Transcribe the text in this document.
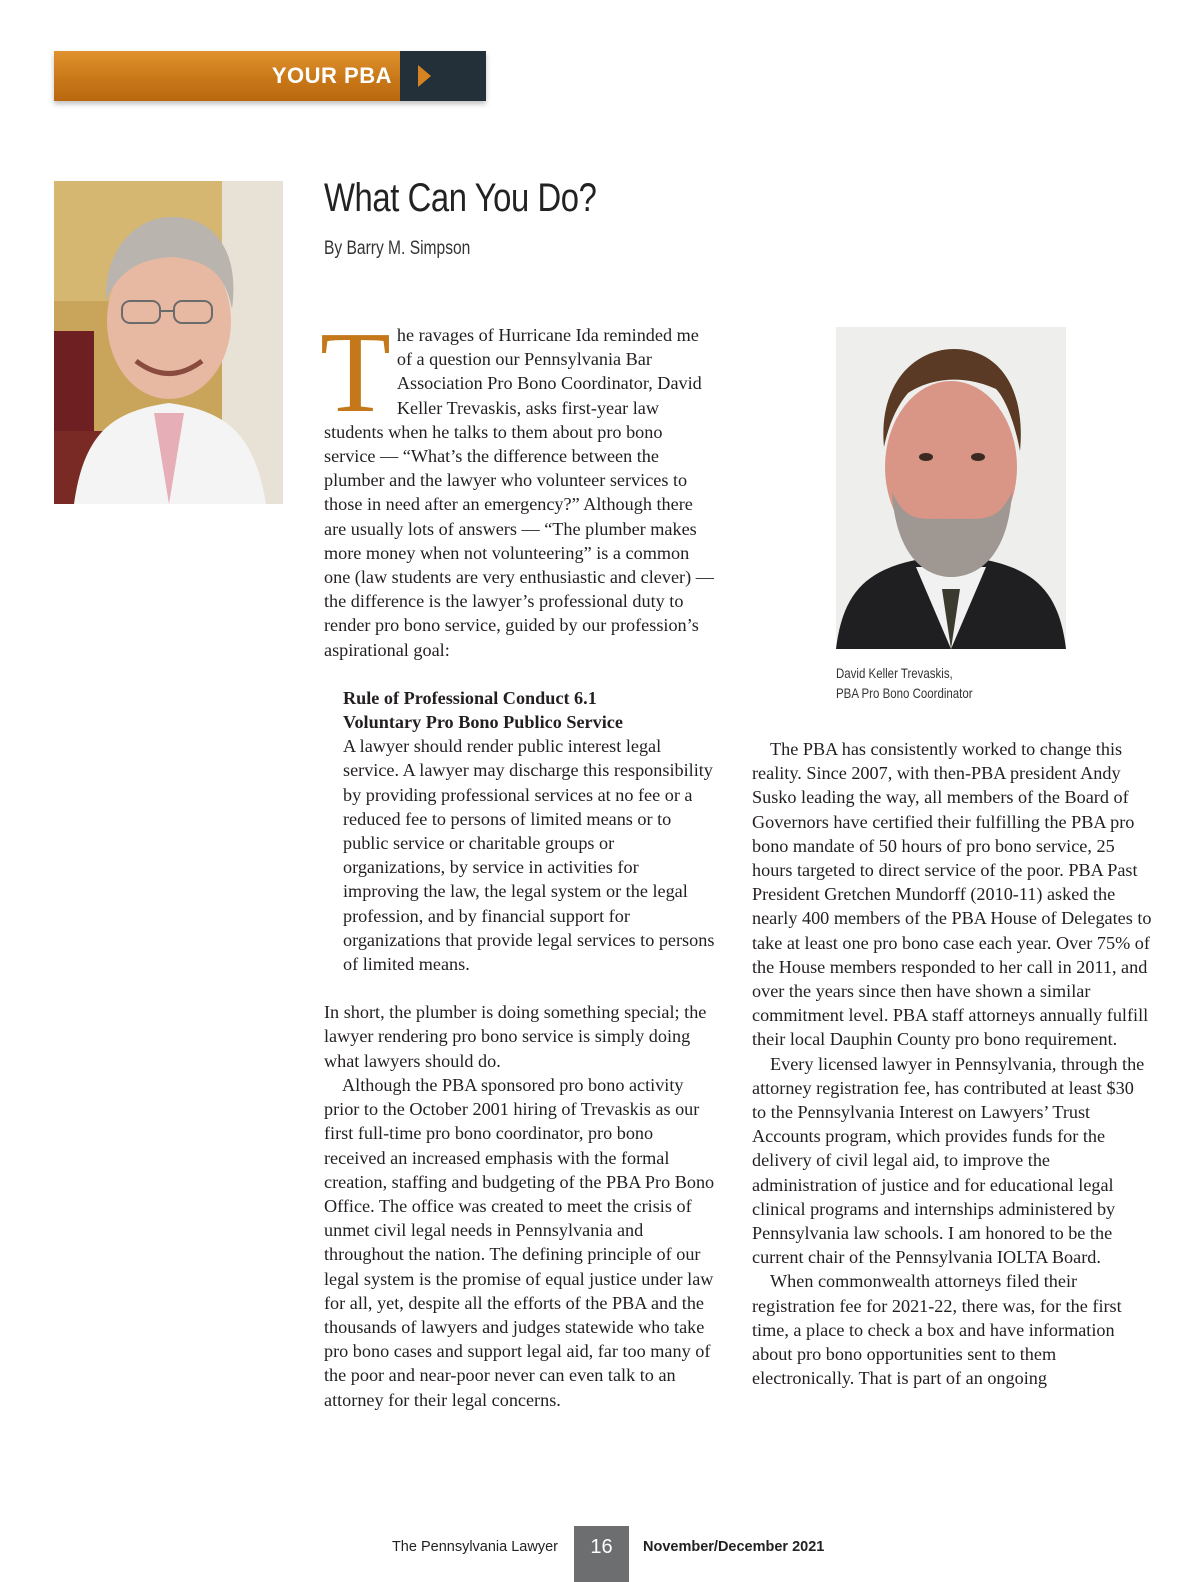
YOUR PBA
What Can You Do?

By Barry M. Simpson

The ravages of Hurricane Ida reminded me of a question our Pennsylvania Bar Association Pro Bono Coordinator, David Keller Trevaskis, asks first-year law students when he talks to them about pro bono service — “What’s the difference between the plumber and the lawyer who volunteer services to those in need after an emergency?” Although there are usually lots of answers — “The plumber makes more money when not volunteering” is a common one (law students are very enthusiastic and clever) — the difference is the lawyer’s professional duty to render pro bono service, guided by our profession’s aspirational goal:

Rule of Professional Conduct 6.1
Voluntary Pro Bono Publico Service
A lawyer should render public interest legal service. A lawyer may discharge this responsibility by providing professional services at no fee or a reduced fee to persons of limited means or to public service or charitable groups or organizations, by service in activities for improving the law, the legal system or the legal profession, and by financial support for organizations that provide legal services to persons of limited means.

In short, the plumber is doing something special; the lawyer rendering pro bono service is simply doing what lawyers should do.

Although the PBA sponsored pro bono activity prior to the October 2001 hiring of Trevaskis as our first full-time pro bono coordinator, pro bono received an increased emphasis with the formal creation, staffing and budgeting of the PBA Pro Bono Office. The office was created to meet the crisis of unmet civil legal needs in Pennsylvania and throughout the nation. The defining principle of our legal system is the promise of equal justice under law for all, yet, despite all the efforts of the PBA and the thousands of lawyers and judges statewide who take pro bono cases and support legal aid, far too many of the poor and near-poor never can even talk to an attorney for their legal concerns.

David Keller Trevaskis,
PBA Pro Bono Coordinator

The PBA has consistently worked to change this reality. Since 2007, with then-PBA president Andy Susko leading the way, all members of the Board of Governors have certified their fulfilling the PBA pro bono mandate of 50 hours of pro bono service, 25 hours targeted to direct service of the poor. PBA Past President Gretchen Mundorff (2010-11) asked the nearly 400 members of the PBA House of Delegates to take at least one pro bono case each year. Over 75% of the House members responded to her call in 2011, and over the years since then have shown a similar commitment level. PBA staff attorneys annually fulfill their local Dauphin County pro bono requirement.

Every licensed lawyer in Pennsylvania, through the attorney registration fee, has contributed at least $30 to the Pennsylvania Interest on Lawyers’ Trust Accounts program, which provides funds for the delivery of civil legal aid, to improve the administration of justice and for educational legal clinical programs and internships administered by Pennsylvania law schools. I am honored to be the current chair of the Pennsylvania IOLTA Board.

When commonwealth attorneys filed their registration fee for 2021-22, there was, for the first time, a place to check a box and have information about pro bono opportunities sent to them electronically. That is part of an ongoing

The Pennsylvania Lawyer	16	November/December 2021
